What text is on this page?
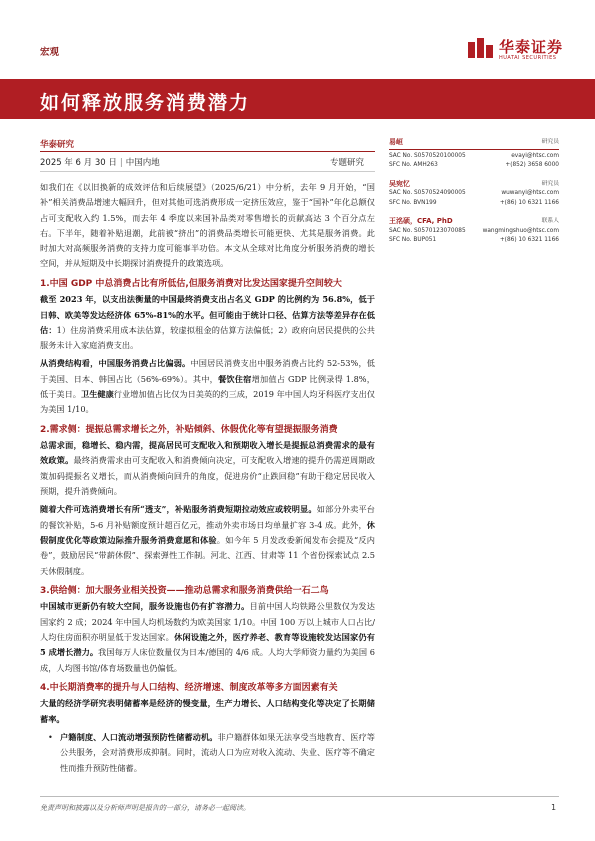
宏观	华泰证券
HUATAI SECURITIES
如何释放服务消费潜力
华泰研究
2025 年 6 月 30 日 | 中国内地	专题研究

如我们在《以旧换新的成效评估和后续展望》（2025/6/21）中分析，去年 9 月开始，“国补”相关消费品增速大幅回升，但对其他可选消费形成一定挤压效应，鉴于“国补”年化总额仅占可支配收入约 1.5%，而去年 4 季度以来国补品类对零售增长的贡献高达 3 个百分点左右。下半年，随着补贴退潮，此前被“挤出”的消费品类增长可能更快、尤其是服务消费。此时加大对高频服务消费的支持力度可能事半功倍。本文从全球对比角度分析服务消费的增长空间，并从短期及中长期探讨消费提升的政策选项。

1.中国 GDP 中总消费占比有所低估,但服务消费对比发达国家提升空间较大

截至 2023 年，以支出法衡量的中国最终消费支出占名义 GDP 的比例约为 56.8%，低于日韩、欧美等发达经济体 65%-81%的水平。但可能由于统计口径、估算方法等差异存在低估：1）住房消费采用成本法估算，较虚拟租金的估算方法偏低；2）政府向居民提供的公共服务未计入家庭消费支出。

从消费结构看，中国服务消费占比偏弱。中国居民消费支出中服务消费占比约 52-53%，低于美国、日本、韩国占比（56%-69%）。其中，餐饮住宿增加值占 GDP 比例录得 1.8%，低于美日。卫生健康行业增加值占比仅为日美英的约三成，2019 年中国人均牙科医疗支出仅为美国 1/10。

2.需求侧：提振总需求增长之外，补贴倾斜、休假优化等有望提振服务消费

总需求面，稳增长、稳内需，提高居民可支配收入和预期收入增长是提振总消费需求的最有效政策。最终消费需求由可支配收入和消费倾向决定，可支配收入增速的提升仍需逆周期政策加码提振名义增长，而从消费倾向回升的角度，促进房价“止跌回稳”有助于稳定居民收入预期，提升消费倾向。

随着大件可选消费增长有所“透支”，补贴服务消费短期拉动效应或较明显。如部分外卖平台的餐饮补贴，5-6 月补贴额度预计超百亿元，推动外卖市场日均单量扩容 3-4 成。此外，休假制度优化等政策边际推升服务消费意愿和体验。如今年 5 月发改委新闻发布会提及“反内卷”，鼓励居民“带薪休假”、探索弹性工作制。河北、江西、甘肃等 11 个省份探索试点 2.5 天休假制度。

3.供给侧：加大服务业相关投资——推动总需求和服务消费供给一石二鸟

中国城市更新仍有较大空间，服务设施也仍有扩容潜力。目前中国人均铁路公里数仅为发达国家约 2 成；2024 年中国人均机场数约为欧美国家 1/10。中国 100 万以上城市人口占比/人均住房面积亦明显低于发达国家。休闲设施之外，医疗养老、教育等设施较发达国家仍有 5 成增长潜力。我国每万人床位数量仅为日本/德国的 4/6 成。人均大学师资力量约为美国 6 成，人均图书馆/体育场数量也仍偏低。

4.中长期消费率的提升与人口结构、经济增速、制度改革等多方面因素有关

大量的经济学研究表明储蓄率是经济的慢变量，生产力增长、人口结构变化等决定了长期储蓄率。

• 户籍制度、人口流动增强预防性储蓄动机。非户籍群体如果无法享受当地教育、医疗等公共服务，会对消费形成抑制。同时，流动人口为应对收入流动、失业、医疗等不确定性而推升预防性储蓄。

易峘	研究员
SAC No. S0570520100005	evayi@htsc.com
SFC No. AMH263	+(852) 3658 6000
吴宛忆	研究员
SAC No. S0570524090005	wuwanyi@htsc.com
SFC No. BVN199	+(86) 10 6321 1166
王洺硕，CFA, PhD	联系人
SAC No. S0570123070085	wangmingshuo@htsc.com
SFC No. BUP051	+(86) 10 6321 1166
免责声明和披露以及分析师声明是报告的一部分，请务必一起阅读。	1
